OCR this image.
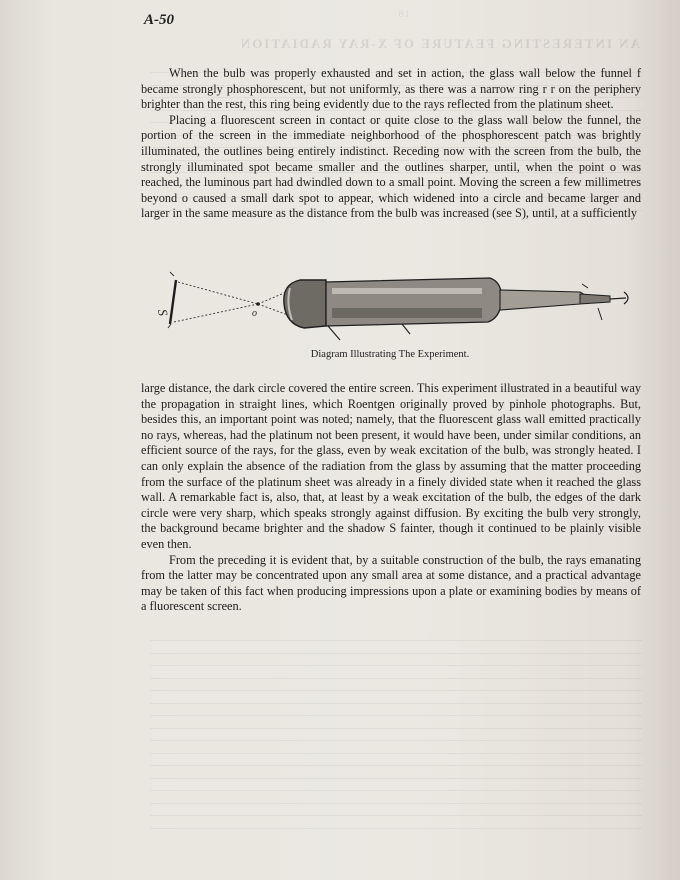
18
AN INTERESTING FEATURE OF X-RAY RADIATION
A-50

When the bulb was properly exhausted and set in action, the glass wall below the funnel f became strongly phosphorescent, but not uniformly, as there was a narrow ring r r on the periphery brighter than the rest, this ring being evidently due to the rays reflected from the platinum sheet.

Placing a fluorescent screen in contact or quite close to the glass wall below the funnel, the portion of the screen in the immediate neighborhood of the phosphorescent patch was brightly illuminated, the outlines being entirely indistinct. Receding now with the screen from the bulb, the strongly illuminated spot became smaller and the outlines sharper, until, when the point o was reached, the luminous part had dwindled down to a small point. Moving the screen a few millimetres beyond o caused a small dark spot to appear, which widened into a circle and became larger and larger in the same measure as the distance from the bulb was increased (see S), until, at a sufficiently

S	o
Diagram Illustrating The Experiment.

large distance, the dark circle covered the entire screen. This experiment illustrated in a beautiful way the propagation in straight lines, which Roentgen originally proved by pinhole photographs. But, besides this, an important point was noted; namely, that the fluorescent glass wall emitted practically no rays, whereas, had the platinum not been present, it would have been, under similar conditions, an efficient source of the rays, for the glass, even by weak excitation of the bulb, was strongly heated. I can only explain the absence of the radiation from the glass by assuming that the matter proceeding from the surface of the platinum sheet was already in a finely divided state when it reached the glass wall. A remarkable fact is, also, that, at least by a weak excitation of the bulb, the edges of the dark circle were very sharp, which speaks strongly against diffusion. By exciting the bulb very strongly, the background became brighter and the shadow S fainter, though it continued to be plainly visible even then.

From the preceding it is evident that, by a suitable construction of the bulb, the rays emanating from the latter may be concentrated upon any small area at some distance, and a practical advantage may be taken of this fact when producing impressions upon a plate or examining bodies by means of a fluorescent screen.
